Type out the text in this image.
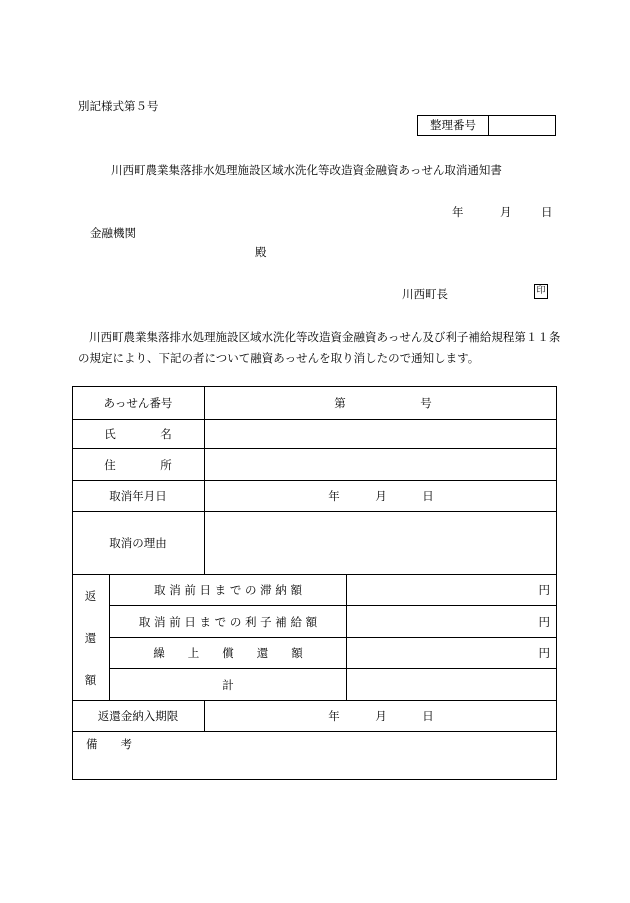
別記様式第５号
整理番号
川西町農業集落排水処理施設区域水洗化等改造資金融資あっせん取消通知書
年	月	日
金融機関
殿
川西町長	印
川西町農業集落排水処理施設区域水洗化等改造資金融資あっせん及び利子補給規程第１１条
の規定により、下記の者について融資あっせんを取り消したので通知します。
あっせん番号	第	号
氏	名
住	所
取消年月日	年	月	日
取消の理由
返
還
額
取 消 前 日 ま で の 滞 納 額	円
取 消 前 日 ま で の 利 子 補 給 額	円
繰　　上　　償　　還　　額	円
計
返還金納入期限	年	月	日
備　　考
